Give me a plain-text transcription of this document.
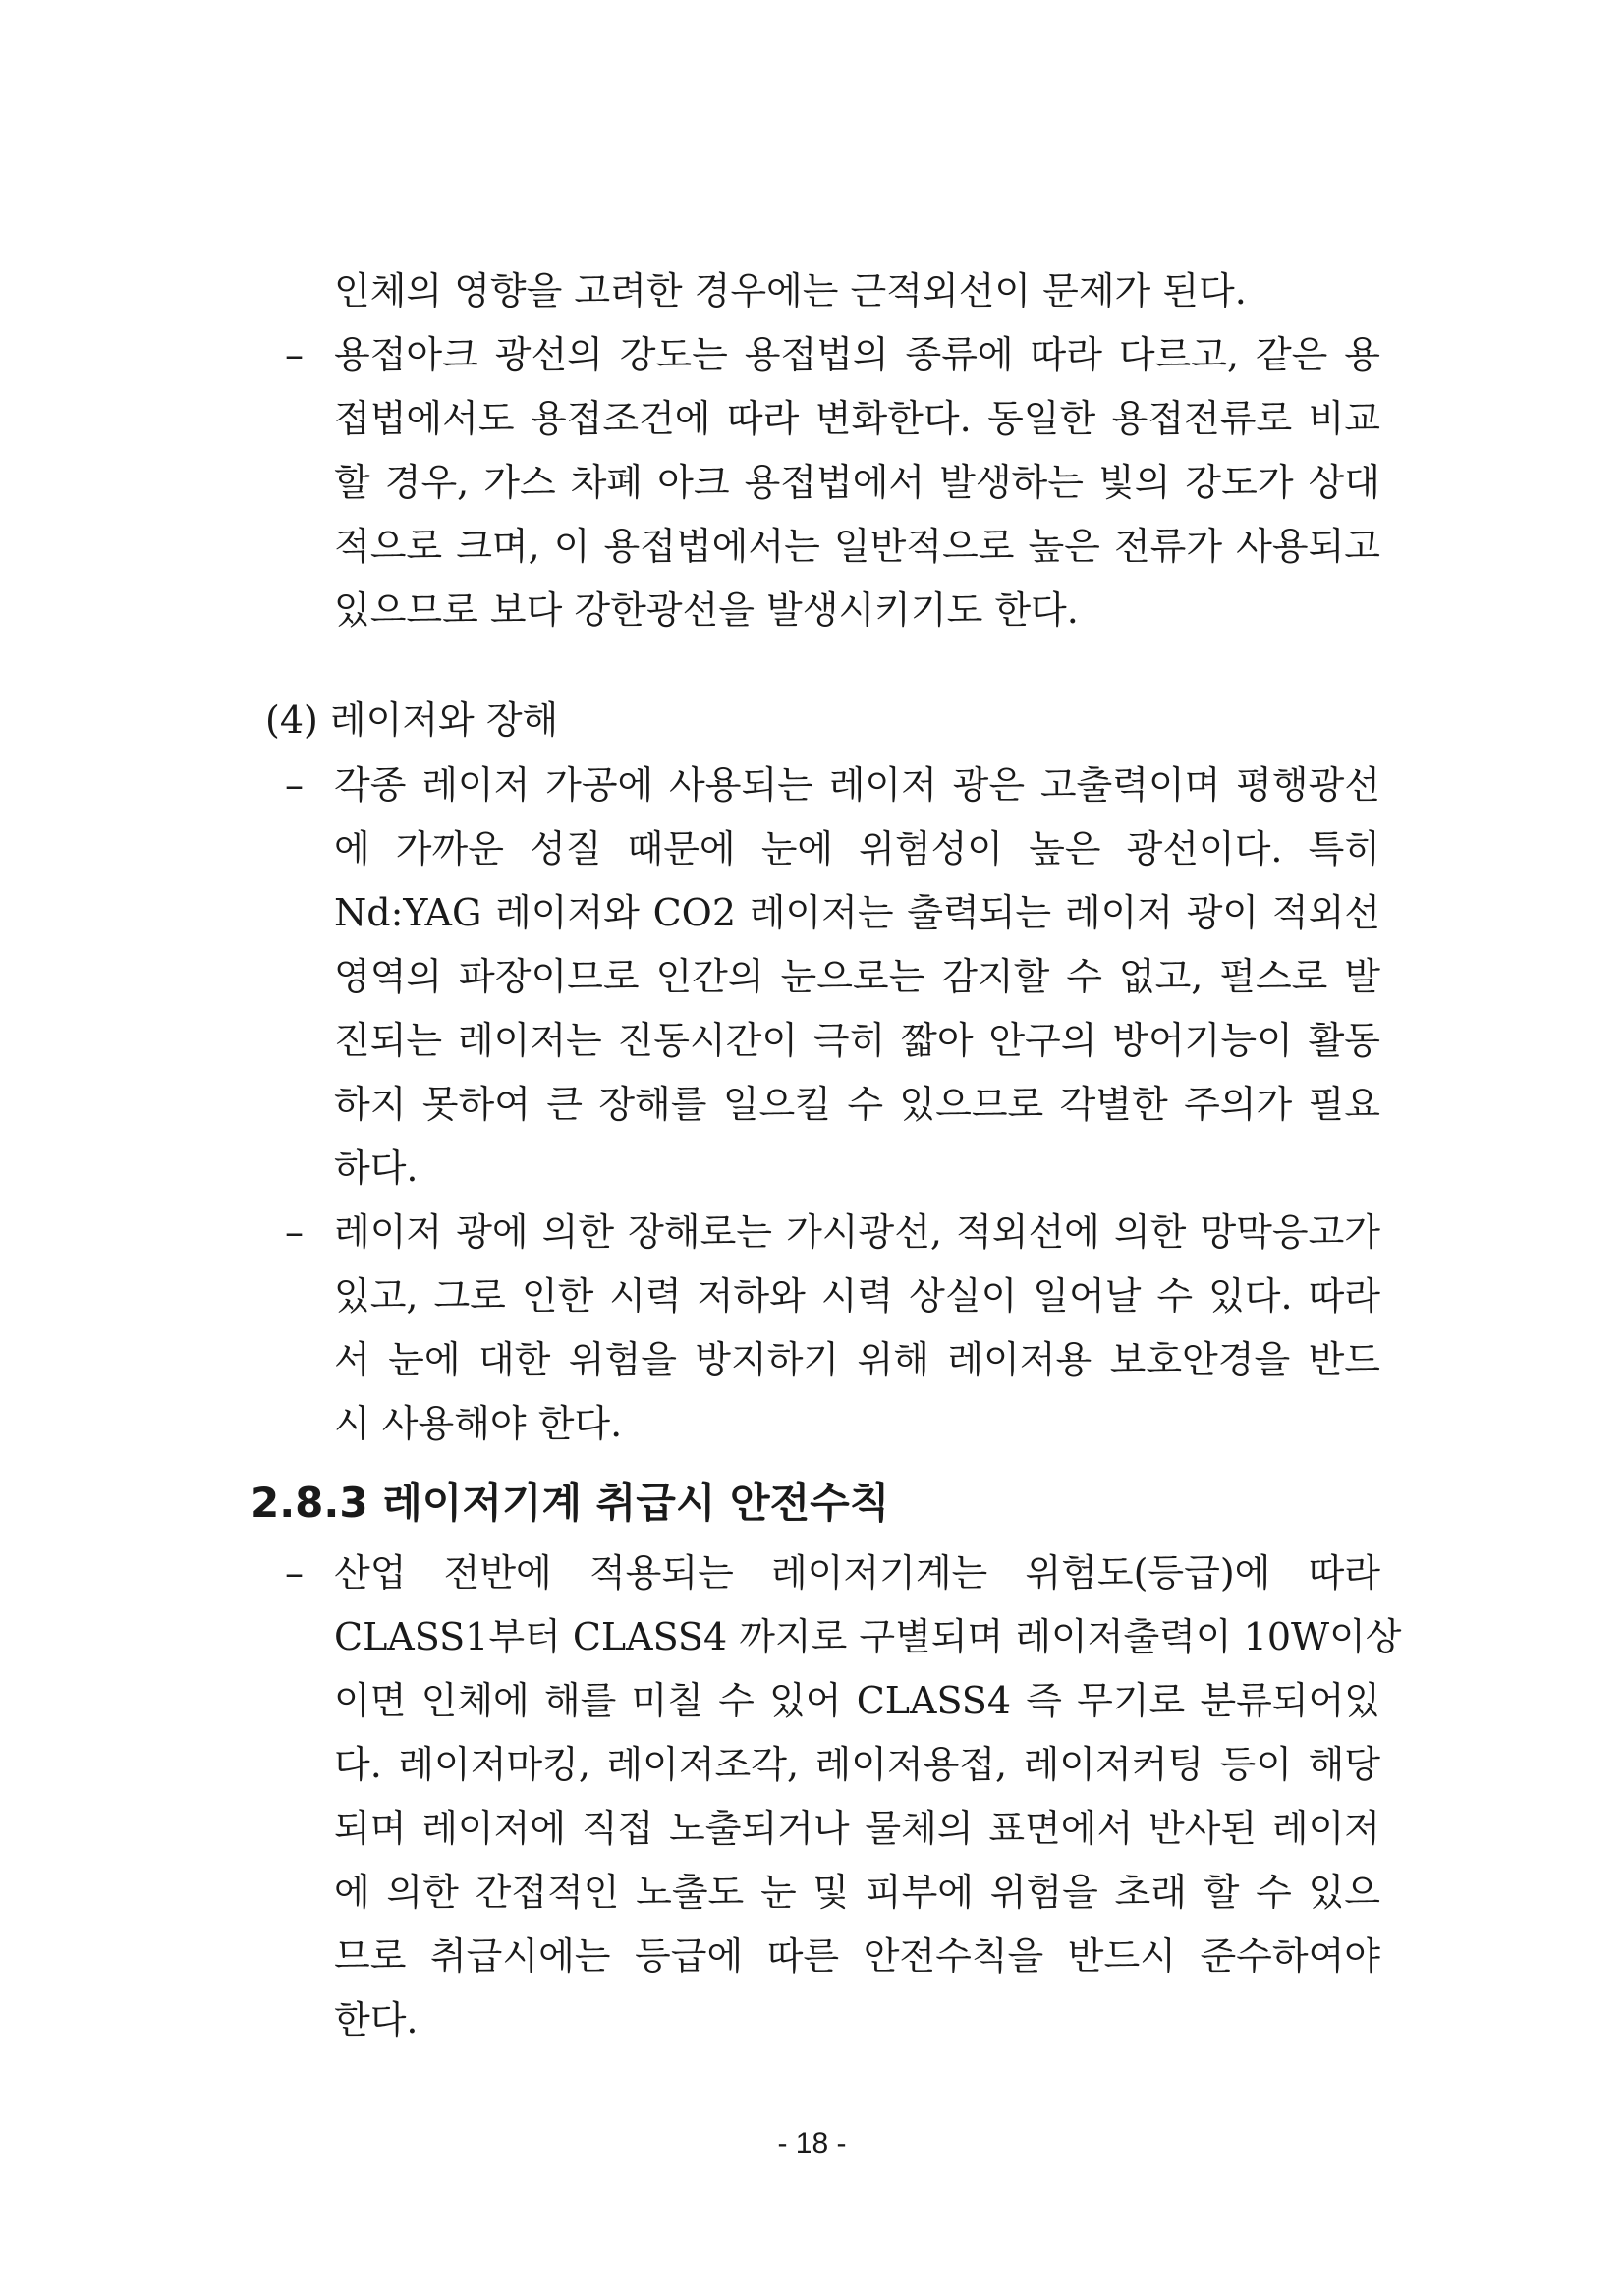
인체의 영향을 고려한 경우에는 근적외선이 문제가 된다.
– 용접아크 광선의 강도는 용접법의 종류에 따라 다르고, 같은 용
접법에서도 용접조건에 따라 변화한다. 동일한 용접전류로 비교
할 경우, 가스 차폐 아크 용접법에서 발생하는 빛의 강도가 상대
적으로 크며, 이 용접법에서는 일반적으로 높은 전류가 사용되고
있으므로 보다 강한광선을 발생시키기도 한다.
(4) 레이저와 장해
– 각종 레이저 가공에 사용되는 레이저 광은 고출력이며 평행광선
에 가까운 성질 때문에 눈에 위험성이 높은 광선이다. 특히
Nd:YAG 레이저와 CO2 레이저는 출력되는 레이저 광이 적외선
영역의 파장이므로 인간의 눈으로는 감지할 수 없고, 펄스로 발
진되는 레이저는 진동시간이 극히 짧아 안구의 방어기능이 활동
하지 못하여 큰 장해를 일으킬 수 있으므로 각별한 주의가 필요
하다.
– 레이저 광에 의한 장해로는 가시광선, 적외선에 의한 망막응고가
있고, 그로 인한 시력 저하와 시력 상실이 일어날 수 있다. 따라
서 눈에 대한 위험을 방지하기 위해 레이저용 보호안경을 반드
시 사용해야 한다.
2.8.3 레이저기계 취급시 안전수칙
– 산업 전반에 적용되는 레이저기계는 위험도(등급)에 따라
CLASS1부터 CLASS4 까지로 구별되며 레이저출력이 10W이상
이면 인체에 해를 미칠 수 있어 CLASS4 즉 무기로 분류되어있
다. 레이저마킹, 레이저조각, 레이저용접, 레이저커팅 등이 해당
되며 레이저에 직접 노출되거나 물체의 표면에서 반사된 레이저
에 의한 간접적인 노출도 눈 및 피부에 위험을 초래 할 수 있으
므로 취급시에는 등급에 따른 안전수칙을 반드시 준수하여야
한다.
- 18 -
